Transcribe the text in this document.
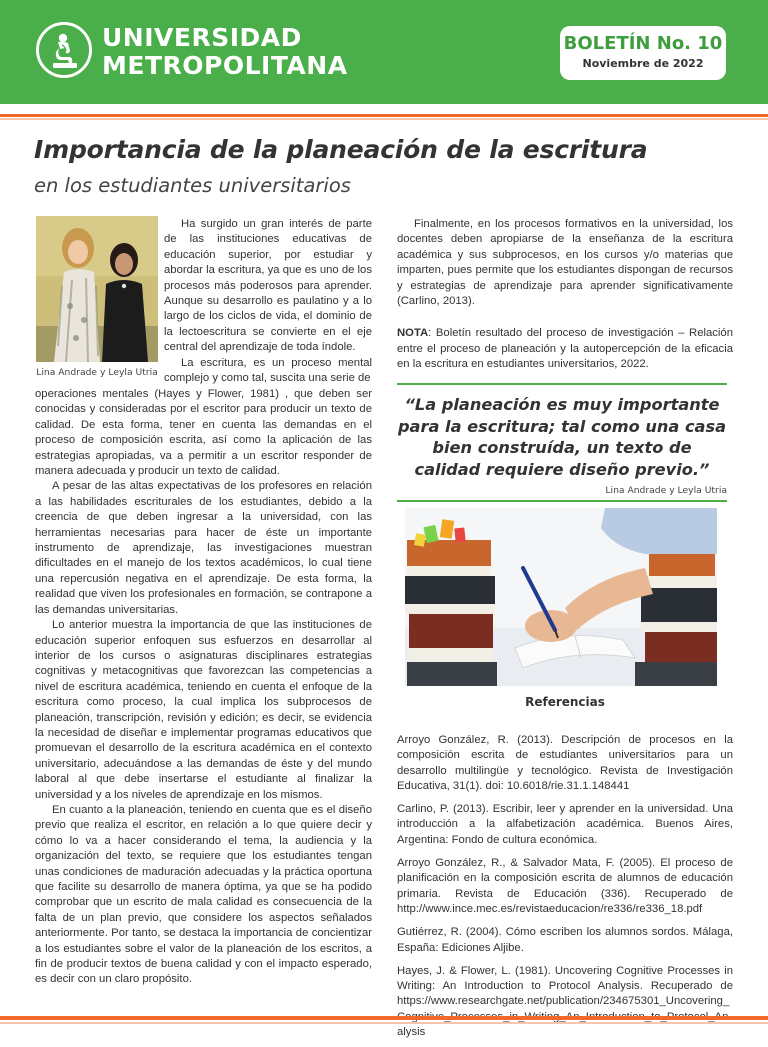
UNIVERSIDAD
METROPOLITANA
BOLETÍN No. 10
Noviembre de 2022
Importancia de la planeación de la escritura
en los estudiantes universitarios
Lina Andrade y Leyla Utria

Ha surgido un gran interés de parte de las instituciones educativas de educación superior, por estudiar y abordar la escritura, ya que es uno de los procesos más poderosos para aprender. Aunque su desarrollo es paulatino y a lo largo de los ciclos de vida, el dominio de la lectoescritura se convierte en el eje central del aprendizaje de toda índole.

La escritura, es un proceso mental complejo y como tal, suscita una serie de

operaciones mentales (Hayes y Flower, 1981) , que deben ser conocidas y consideradas por el escritor para producir un texto de calidad. De esta forma, tener en cuenta las demandas en el proceso de composición escrita, así como la aplicación de las estrategias apropiadas, va a permitir a un escritor responder de manera adecuada y producir un texto de calidad.

A pesar de las altas expectativas de los profesores en relación a las habilidades escriturales de los estudiantes, debido a la creencia de que deben ingresar a la universidad, con las herramientas necesarias para hacer de éste un importante instrumento de aprendizaje, las investigaciones muestran dificultades en el manejo de los textos académicos, lo cual tiene una repercusión negativa en el aprendizaje. De esta forma, la realidad que viven los profesionales en formación, se contrapone a las demandas universitarias.

Lo anterior muestra la importancia de que las instituciones de educación superior enfoquen sus esfuerzos en desarrollar al interior de los cursos o asignaturas disciplinares estrategias cognitivas y metacognitivas que favorezcan las competencias a nivel de escritura académica, teniendo en cuenta el enfoque de la escritura como proceso, la cual implica los subprocesos de planeación, transcripción, revisión y edición; es decir, se evidencia la necesidad de diseñar e implementar programas educativos que promuevan el desarrollo de la escritura académica en el contexto universitario, adecuándose a las demandas de éste y del mundo laboral al que debe insertarse el estudiante al finalizar la universidad y a los niveles de aprendizaje en los mismos.

En cuanto a la planeación, teniendo en cuenta que es el diseño previo que realiza el escritor, en relación a lo que quiere decir y cómo lo va a hacer considerando el tema, la audiencia y la organización del texto, se requiere que los estudiantes tengan unas condiciones de maduración adecuadas y la práctica oportuna que facilite su desarrollo de manera óptima, ya que se ha podido comprobar que un escrito de mala calidad es consecuencia de la falta de un plan previo, que considere los aspectos señalados anteriormente. Por tanto, se destaca la importancia de concientizar a los estudiantes sobre el valor de la planeación de los escritos, a fin de producir textos de buena calidad y con el impacto esperado, es decir con un claro propósito.

Finalmente, en los procesos formativos en la universidad, los docentes deben apropiarse de la enseñanza de la escritura académica y sus subprocesos, en los cursos y/o materias que imparten, pues permite que los estudiantes dispongan de recursos y estrategias de aprendizaje para aprender significativamente (Carlino, 2013).

NOTA: Boletín resultado del proceso de investigación – Relación entre el proceso de planeación y la autopercepción de la eficacia en la escritura en estudiantes universitarios, 2022.

“La planeación es muy importante para la escritura; tal como una casa bien construída, un texto de calidad requiere diseño previo.”
Lina Andrade y Leyla Utria
Referencias

Arroyo González, R. (2013). Descripción de procesos en la composición escrita de estudiantes universitarios para un desarrollo multilingüe y tecnológico. Revista de Investigación Educativa, 31(1). doi: 10.6018/rie.31.1.148441

Carlino, P. (2013). Escribir, leer y aprender en la universidad. Una introducción a la alfabetización académica. Buenos Aires, Argentina: Fondo de cultura económica.

Arroyo González, R., & Salvador Mata, F. (2005). El proceso de planificación en la composición escrita de alumnos de educación primaria. Revista de Educación (336). Recuperado de http://www.ince.mec.es/revistaeducacion/re336/re336_18.pdf

Gutiérrez, R. (2004). Cómo escriben los alumnos sordos. Málaga, España: Ediciones Aljibe.

Hayes, J. & Flower, L. (1981). Uncovering Cognitive Processes in Writing: An Introduction to Protocol Analysis. Recuperado de https://www.researchgate.net/publication/234675301_Uncovering_ alysis
